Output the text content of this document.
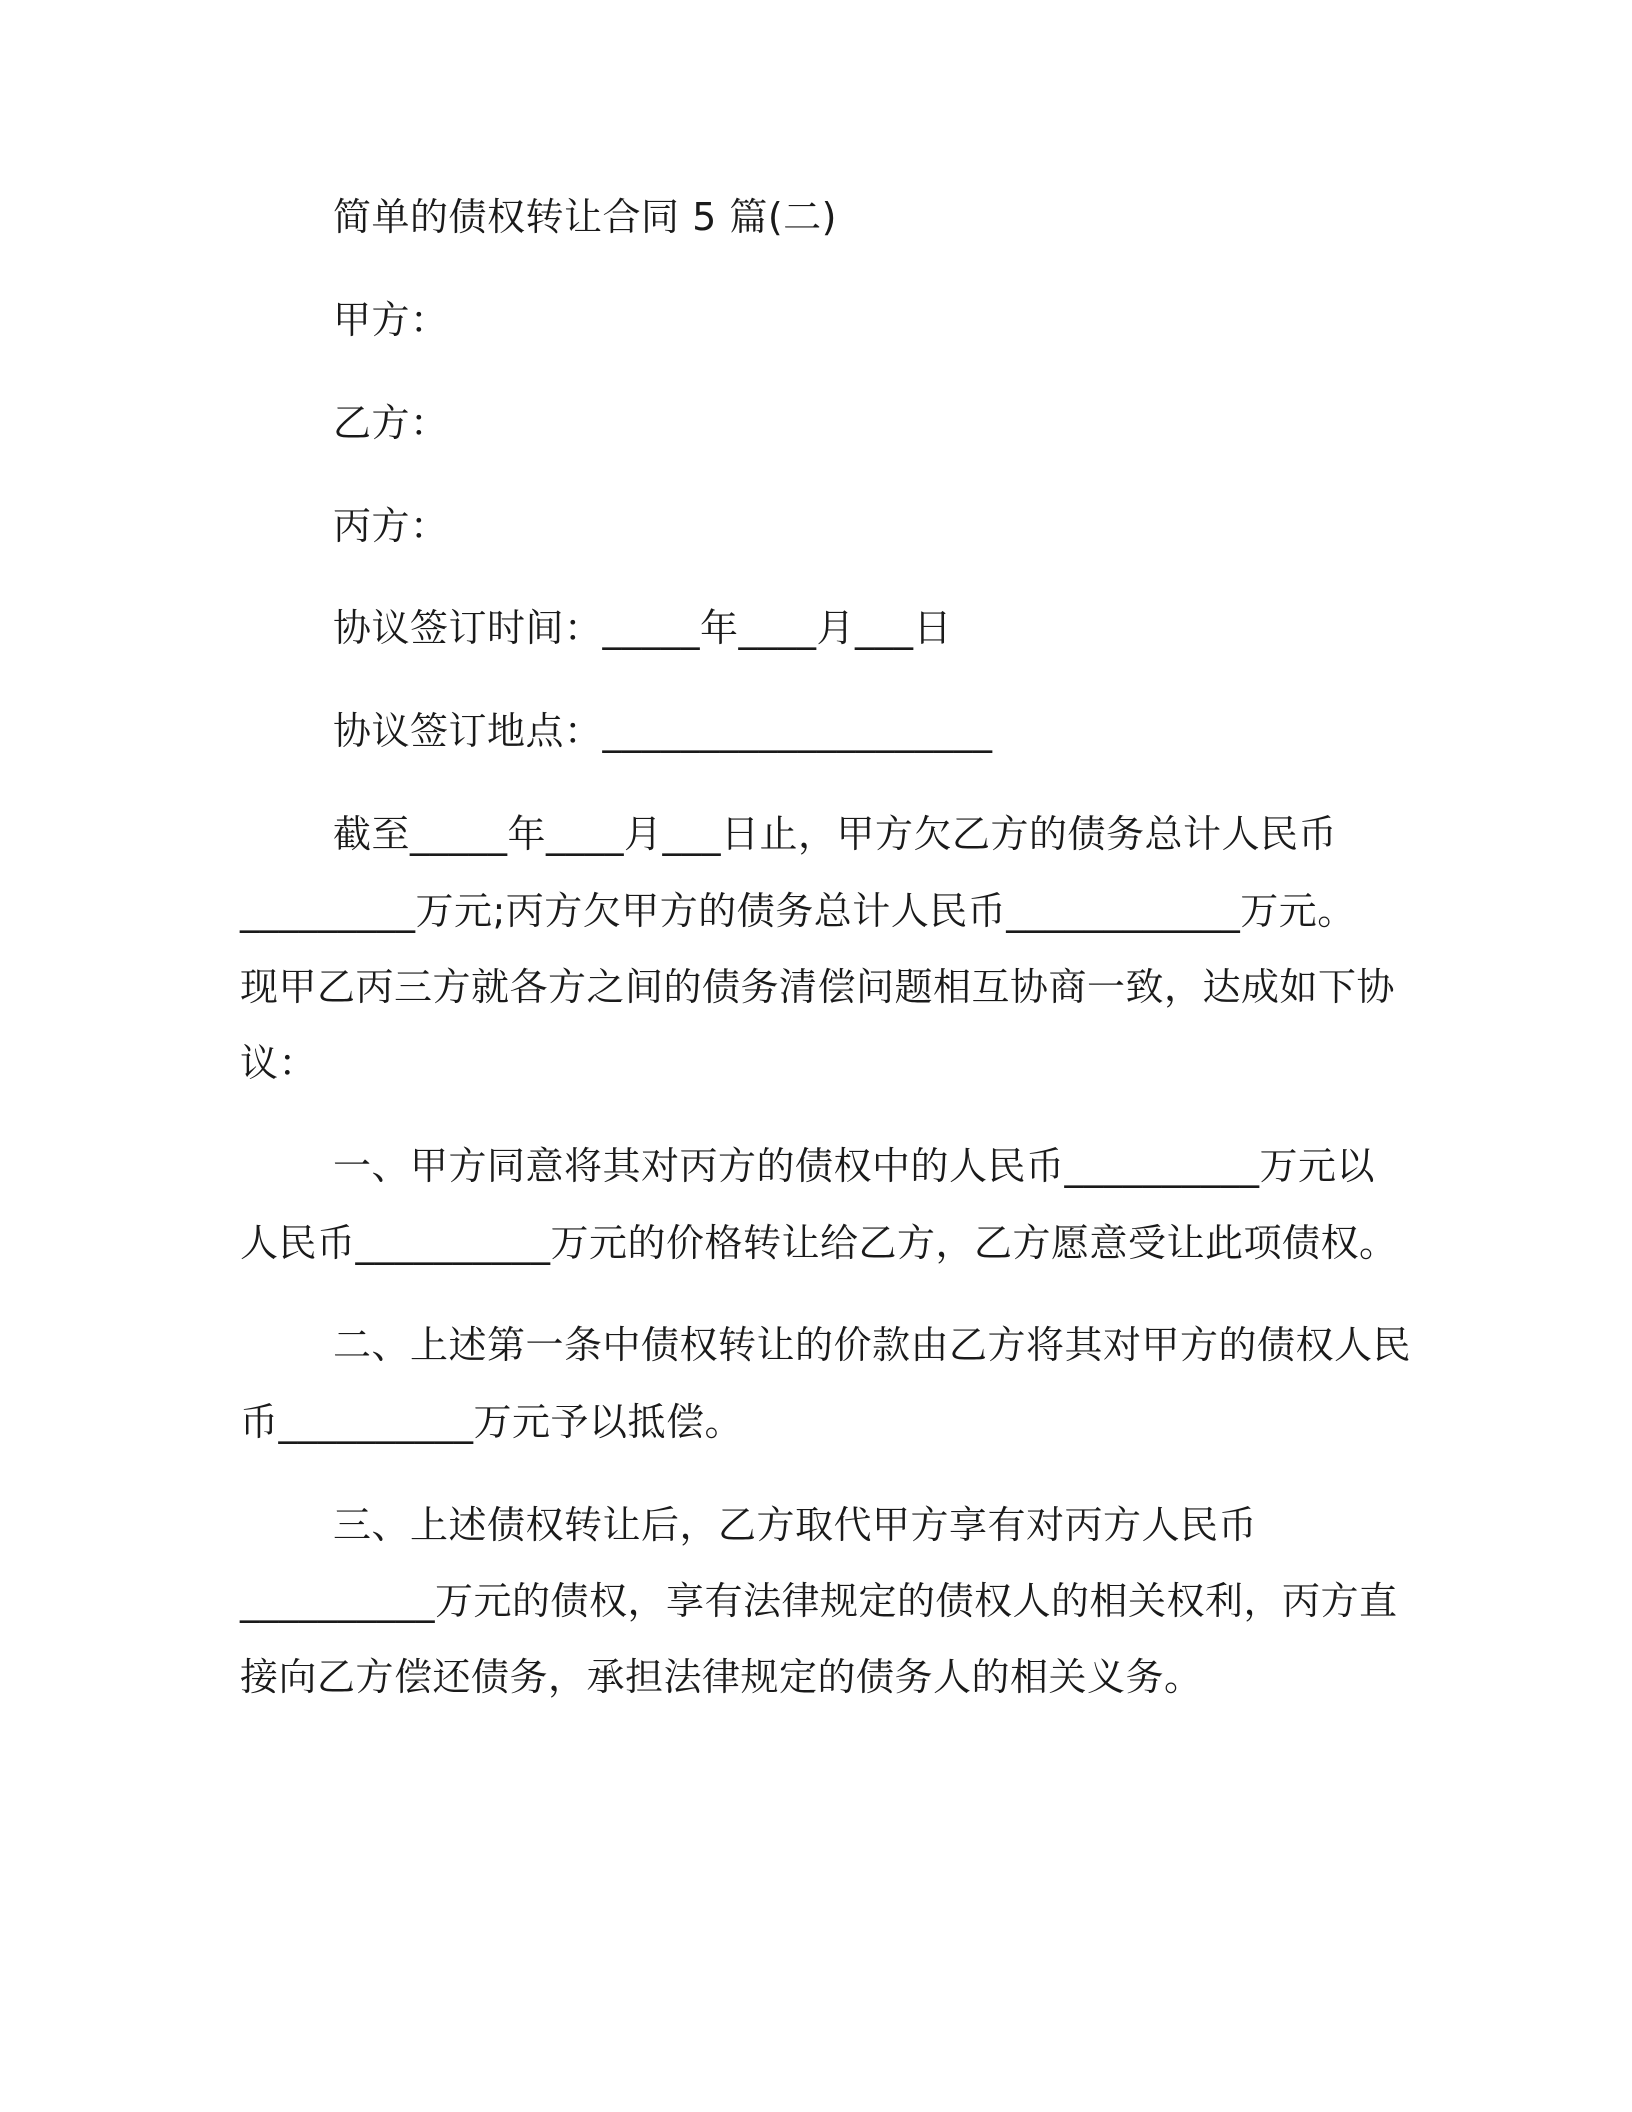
简单的债权转让合同 5 篇(二)
甲方：
乙方：
丙方：
协议签订时间：_____年____月___日
协议签订地点：____________________
截至_____年____月___日止，甲方欠乙方的债务总计人民币
_________万元;丙方欠甲方的债务总计人民币____________万元。
现甲乙丙三方就各方之间的债务清偿问题相互协商一致，达成如下协
议：
一、甲方同意将其对丙方的债权中的人民币__________万元以
人民币__________万元的价格转让给乙方，乙方愿意受让此项债权。
二、上述第一条中债权转让的价款由乙方将其对甲方的债权人民
币__________万元予以抵偿。
三、上述债权转让后，乙方取代甲方享有对丙方人民币
__________万元的债权，享有法律规定的债权人的相关权利，丙方直
接向乙方偿还债务，承担法律规定的债务人的相关义务。
